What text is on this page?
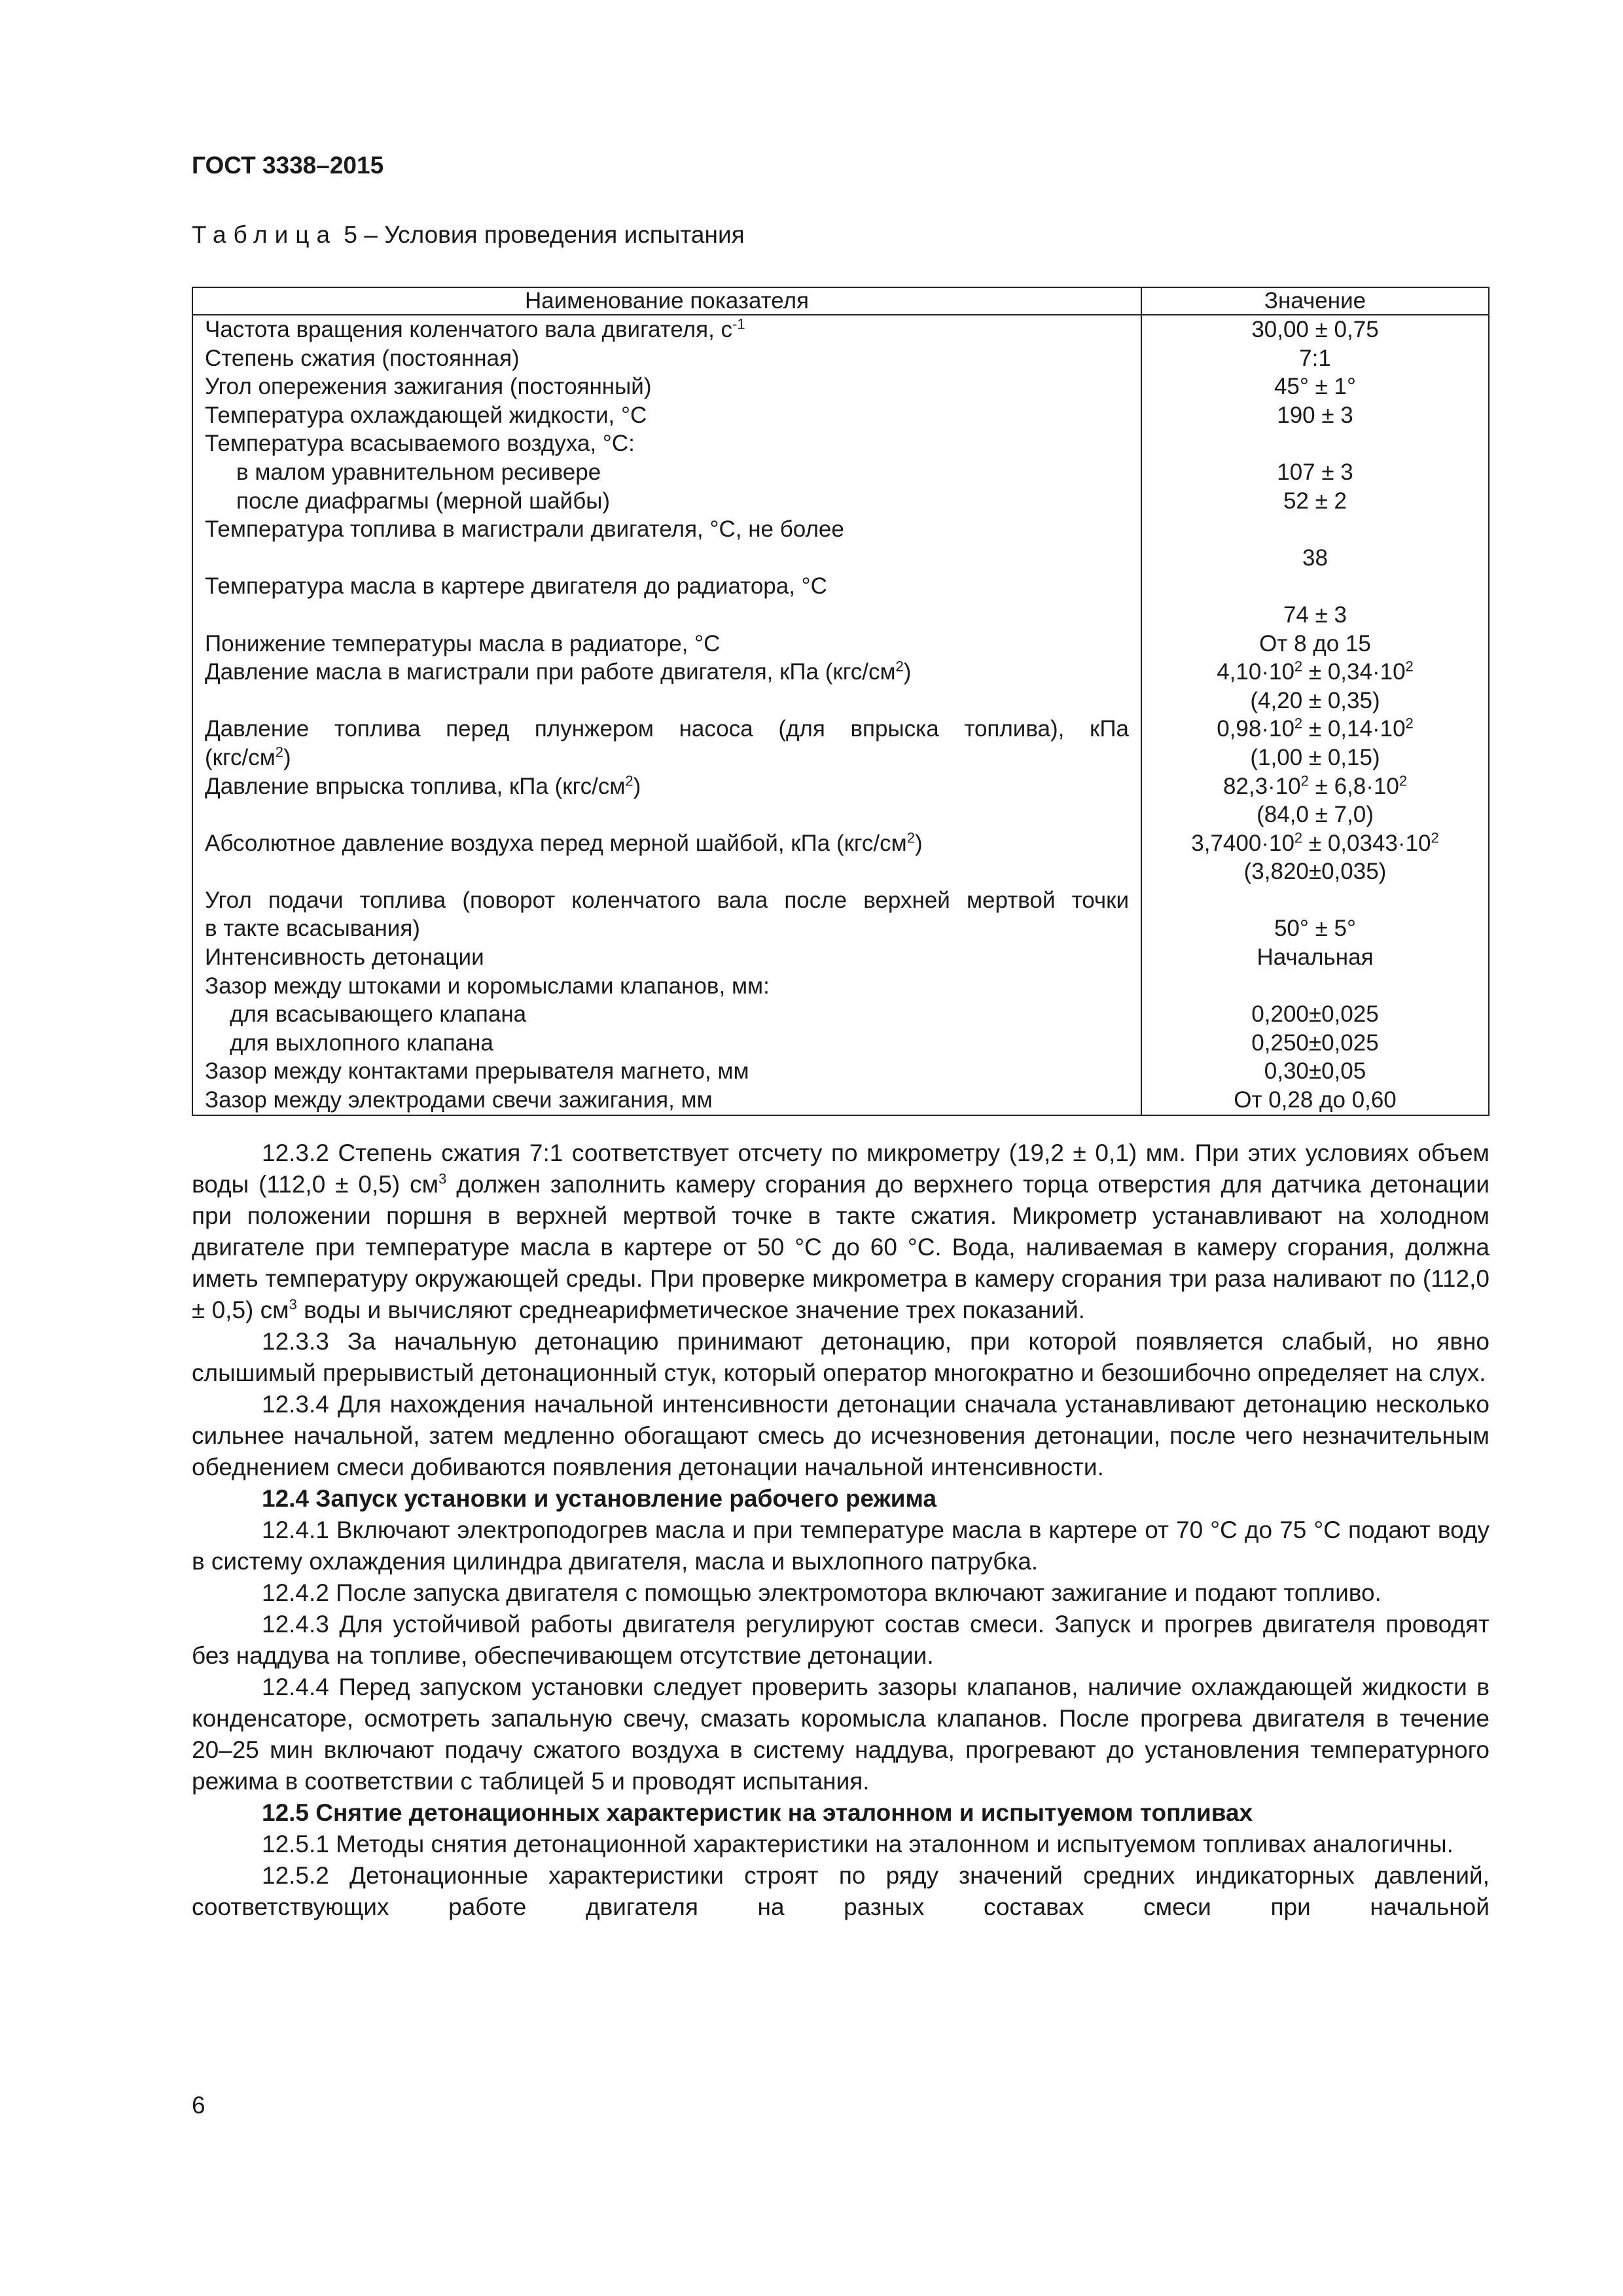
ГОСТ 3338–2015
Таблица 5 – Условия проведения испытания
Наименование показателя	Значение
Частота вращения коленчатого вала двигателя, $с^{-1}$	30,00 ± 0,75
Степень сжатия (постоянная)	7:1
Угол опережения зажигания (постоянный)	45° ± 1°
Температура охлаждающей жидкости, °С	190 ± 3
Температура всасываемого воздуха, °С:	
в малом уравнительном ресивере	107 ± 3
после диафрагмы (мерной шайбы)	52 ± 2
Температура топлива в магистрали двигателя, °С, не более	38
Температура масла в картере двигателя до радиатора, °С	74 ± 3
Понижение температуры масла в радиаторе, °С	От 8 до 15
Давление масла в магистрали при работе двигателя, кПа $(кгс/см^2)$	$4,10\cdot 10^2 \pm 0,34\cdot 10^2$
(4,20 ± 0,35)

Давление топлива перед плунжером насоса (для впрыска топлива), кПа
$(кгс/см^2)$	$0,98\cdot 10^2 \pm 0,14\cdot 10^2$
(1,00 ± 0,15)
Давление впрыска топлива, кПа $(кгс/см^2)$	$82,3\cdot 10^2 \pm 6,8\cdot 10^2$
(84,0 ± 7,0)
Абсолютное давление воздуха перед мерной шайбой, кПа $(кгс/см^2)$	$3,7400\cdot 10^2 \pm 0,0343\cdot 10^2$
(3,820±0,035)

Угол подачи топлива (поворот коленчатого вала после верхней мертвой точки
в такте всасывания)	50° ± 5°
Интенсивность детонации	Начальная
Зазор между штоками и коромыслами клапанов, мм:	
для всасывающего клапана	0,200±0,025
для выхлопного клапана	0,250±0,025
Зазор между контактами прерывателя магнето, мм	0,30±0,05
Зазор между электродами свечи зажигания, мм	От 0,28 до 0,60

12.3.2 Степень сжатия 7:1 соответствует отсчету по микрометру (19,2 ± 0,1) мм. При этих условиях объем воды (112,0 ± 0,5) $см^3$ должен заполнить камеру сгорания до верхнего торца отверстия для датчика детонации при положении поршня в верхней мертвой точке в такте сжатия. Микрометр устанавливают на холодном двигателе при температуре масла в картере от 50 °С до 60 °С. Вода, наливаемая в камеру сгорания, должна иметь температуру окружающей среды. При проверке микрометра в камеру сгорания три раза наливают по (112,0 ± 0,5) $см^3$ воды и вычисляют среднеарифметическое значение трех показаний.

12.3.3 За начальную детонацию принимают детонацию, при которой появляется слабый, но явно слышимый прерывистый детонационный стук, который оператор многократно и безошибочно определяет на слух.

12.3.4 Для нахождения начальной интенсивности детонации сначала устанавливают детонацию несколько сильнее начальной, затем медленно обогащают смесь до исчезновения детонации, после чего незначительным обеднением смеси добиваются появления детонации начальной интенсивности.

12.4 Запуск установки и установление рабочего режима

12.4.1 Включают электроподогрев масла и при температуре масла в картере от 70 °С до 75 °С подают воду в систему охлаждения цилиндра двигателя, масла и выхлопного патрубка.

12.4.2 После запуска двигателя с помощью электромотора включают зажигание и подают топливо.

12.4.3 Для устойчивой работы двигателя регулируют состав смеси. Запуск и прогрев двигателя проводят без наддува на топливе, обеспечивающем отсутствие детонации.

12.4.4 Перед запуском установки следует проверить зазоры клапанов, наличие охлаждающей жидкости в конденсаторе, осмотреть запальную свечу, смазать коромысла клапанов. После прогрева двигателя в течение 20–25 мин включают подачу сжатого воздуха в систему наддува, прогревают до установления температурного режима в соответствии с таблицей 5 и проводят испытания.

12.5 Снятие детонационных характеристик на эталонном и испытуемом топливах

12.5.1 Методы снятия детонационной характеристики на эталонном и испытуемом топливах аналогичны.

12.5.2 Детонационные характеристики строят по ряду значений средних индикаторных давлений, соответствующих работе двигателя на разных составах смеси при начальной

6
